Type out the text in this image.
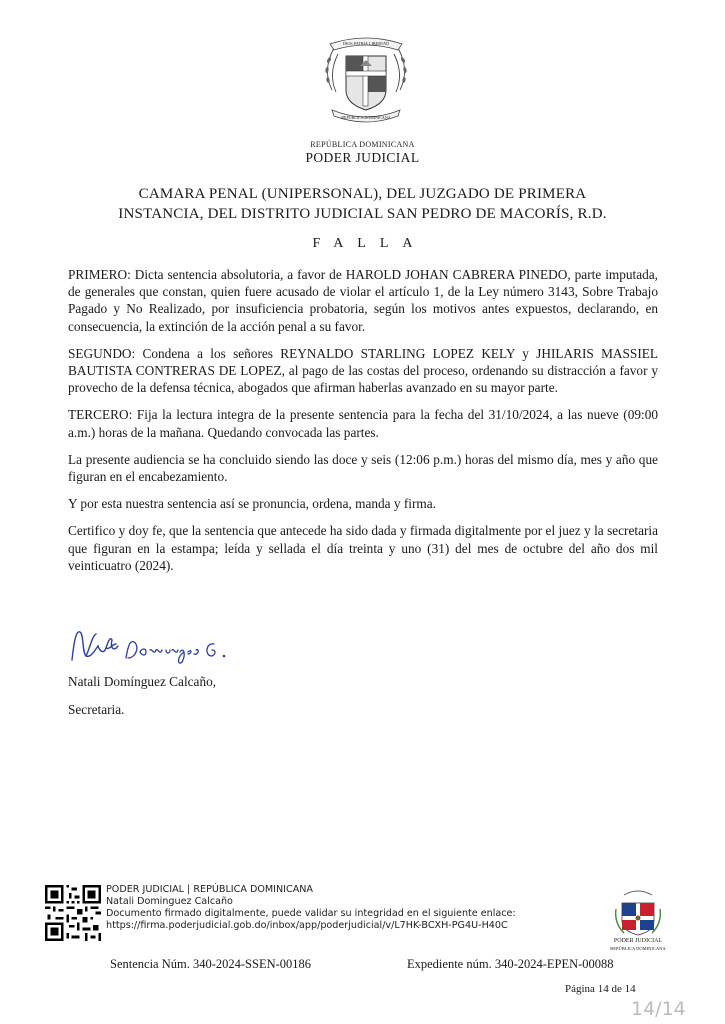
DIOS PATRIA LIBERTAD
REPÚBLICA DOMINICANA
REPÚBLICA DOMINICANA
PODER JUDICIAL
CAMARA PENAL (UNIPERSONAL), DEL JUZGADO DE PRIMERA
INSTANCIA, DEL DISTRITO JUDICIAL SAN PEDRO DE MACORÍS, R.D.
FALLA

PRIMERO: Dicta sentencia absolutoria, a favor de HAROLD JOHAN CABRERA PINEDO, parte imputada, de generales que constan, quien fuere acusado de violar el artículo 1, de la Ley número 3143, Sobre Trabajo Pagado y No Realizado, por insuficiencia probatoria, según los motivos antes expuestos, declarando, en consecuencia, la extinción de la acción penal a su favor.

SEGUNDO: Condena a los señores REYNALDO STARLING LOPEZ KELY y JHILARIS MASSIEL BAUTISTA CONTRERAS DE LOPEZ, al pago de las costas del proceso, ordenando su distracción a favor y provecho de la defensa técnica, abogados que afirman haberlas avanzado en su mayor parte.

TERCERO: Fija la lectura integra de la presente sentencia para la fecha del 31/10/2024, a las nueve (09:00 a.m.) horas de la mañana. Quedando convocada las partes.

La presente audiencia se ha concluido siendo las doce y seis (12:06 p.m.) horas del mismo día, mes y año que figuran en el encabezamiento.

Y por esta nuestra sentencia así se pronuncia, ordena, manda y firma.

Certifico y doy fe, que la sentencia que antecede ha sido dada y firmada digitalmente por el juez y la secretaria que figuran en la estampa; leída y sellada el día treinta y uno (31) del mes de octubre del año dos mil veinticuatro (2024).

Natali Domínguez C.
Natali Domínguez Calcaño,
Secretaria.
PODER JUDICIAL | REPÚBLICA DOMINICANA
Natali Dominguez Calcaño
Documento firmado digitalmente, puede validar su integridad en el siguiente enlace:
https://firma.poderjudicial.gob.do/inbox/app/poderjudicial/v/L7HK-BCXH-PG4U-H40C
PODER JUDICIAL
REPÚBLICA DOMINICANA
Sentencia Núm. 340-2024-SSEN-00186	Expediente núm. 340-2024-EPEN-00088
Página 14 de 14
14/14
